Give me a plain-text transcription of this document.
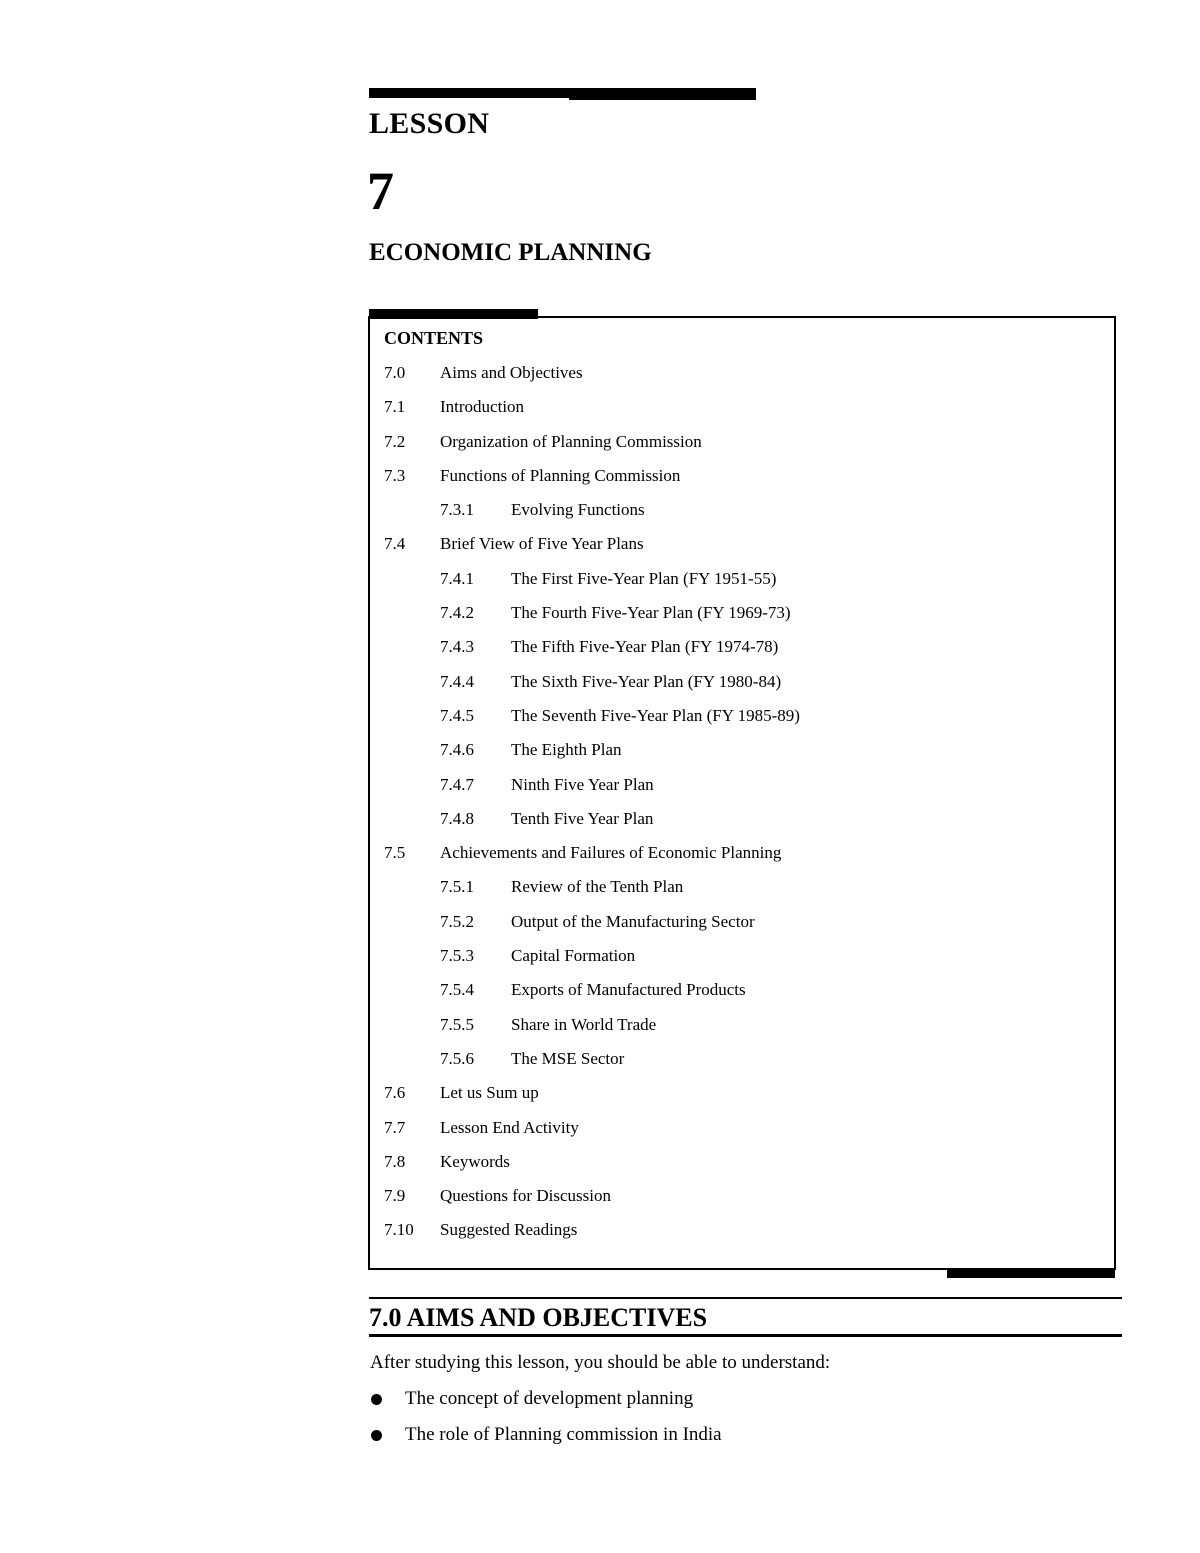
LESSON
7
ECONOMIC PLANNING
CONTENTS
7.0 Aims and Objectives
7.1 Introduction
7.2 Organization of Planning Commission
7.3 Functions of Planning Commission
7.3.1 Evolving Functions
7.4 Brief View of Five Year Plans
7.4.1 The First Five-Year Plan (FY 1951-55)
7.4.2 The Fourth Five-Year Plan (FY 1969-73)
7.4.3 The Fifth Five-Year Plan (FY 1974-78)
7.4.4 The Sixth Five-Year Plan (FY 1980-84)
7.4.5 The Seventh Five-Year Plan (FY 1985-89)
7.4.6 The Eighth Plan
7.4.7 Ninth Five Year Plan
7.4.8 Tenth Five Year Plan
7.5 Achievements and Failures of Economic Planning
7.5.1 Review of the Tenth Plan
7.5.2 Output of the Manufacturing Sector
7.5.3 Capital Formation
7.5.4 Exports of Manufactured Products
7.5.5 Share in World Trade
7.5.6 The MSE Sector
7.6 Let us Sum up
7.7 Lesson End Activity
7.8 Keywords
7.9 Questions for Discussion
7.10 Suggested Readings
7.0 AIMS AND OBJECTIVES
After studying this lesson, you should be able to understand:
The concept of development planning
The role of Planning commission in India
